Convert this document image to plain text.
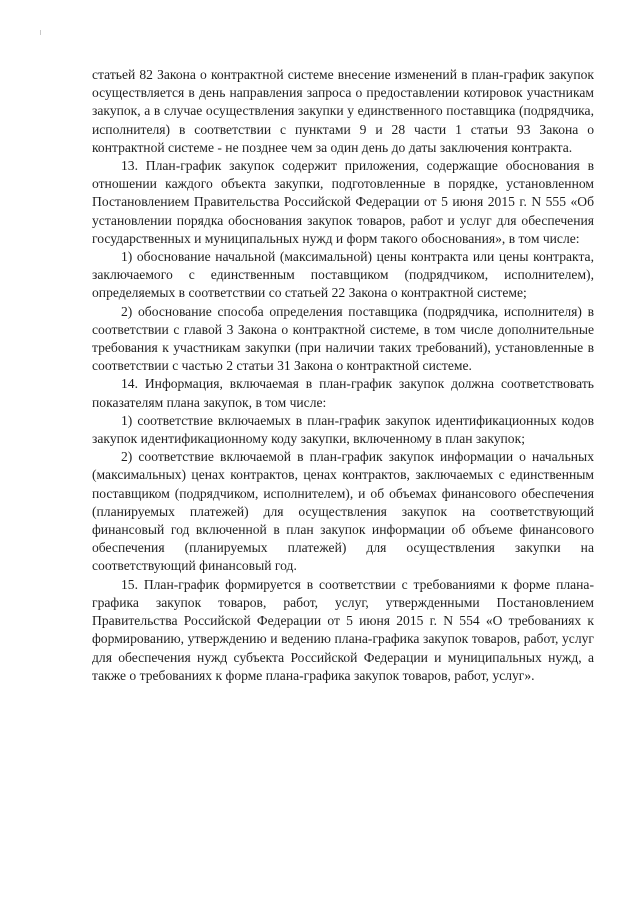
статьей 82 Закона о контрактной системе внесение изменений в план-график закупок осуществляется в день направления запроса о предоставлении котировок участникам закупок, а в случае осуществления закупки у единственного поставщика (подрядчика, исполнителя) в соответствии с пунктами 9 и 28 части 1 статьи 93 Закона о контрактной системе - не позднее чем за один день до даты заключения контракта.

13. План-график закупок содержит приложения, содержащие обоснования в отношении каждого объекта закупки, подготовленные в порядке, установленном Постановлением Правительства Российской Федерации от 5 июня 2015 г. N 555 «Об установлении порядка обоснования закупок товаров, работ и услуг для обеспечения государственных и муниципальных нужд и форм такого обоснования», в том числе:

1) обоснование начальной (максимальной) цены контракта или цены контракта, заключаемого с единственным поставщиком (подрядчиком, исполнителем), определяемых в соответствии со статьей 22 Закона о контрактной системе;

2) обоснование способа определения поставщика (подрядчика, исполнителя) в соответствии с главой 3 Закона о контрактной системе, в том числе дополнительные требования к участникам закупки (при наличии таких требований), установленные в соответствии с частью 2 статьи 31 Закона о контрактной системе.

14. Информация, включаемая в план-график закупок должна соответствовать показателям плана закупок, в том числе:

1) соответствие включаемых в план-график закупок идентификационных кодов закупок идентификационному коду закупки, включенному в план закупок;

2) соответствие включаемой в план-график закупок информации о начальных (максимальных) ценах контрактов, ценах контрактов, заключаемых с единственным поставщиком (подрядчиком, исполнителем), и об объемах финансового обеспечения (планируемых платежей) для осуществления закупок на соответствующий финансовый год включенной в план закупок информации об объеме финансового обеспечения (планируемых платежей) для осуществления закупки на соответствующий финансовый год.

15. План-график формируется в соответствии с требованиями к форме плана-графика закупок товаров, работ, услуг, утвержденными Постановлением Правительства Российской Федерации от 5 июня 2015 г. N 554 «О требованиях к формированию, утверждению и ведению плана-графика закупок товаров, работ, услуг для обеспечения нужд субъекта Российской Федерации и муниципальных нужд, а также о требованиях к форме плана-графика закупок товаров, работ, услуг».
